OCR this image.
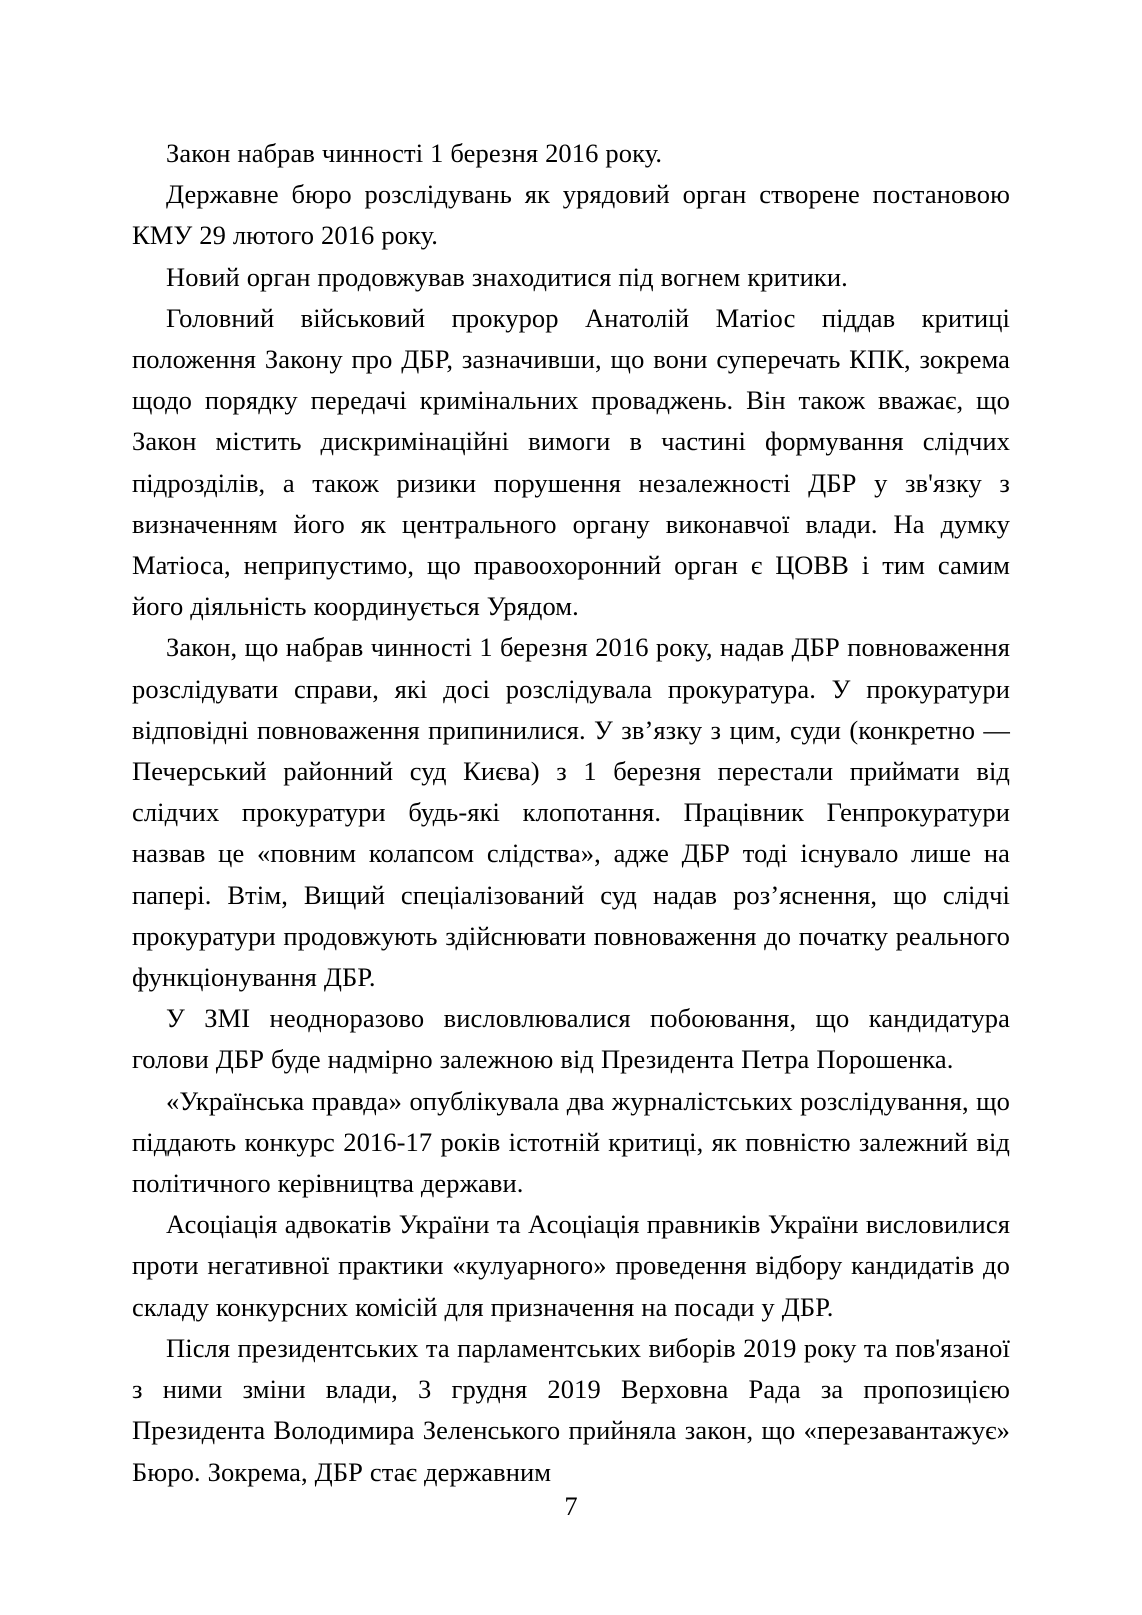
Закон набрав чинності 1 березня 2016 року.

Державне бюро розслідувань як урядовий орган створене постановою КМУ 29 лютого 2016 року.

Новий орган продовжував знаходитися під вогнем критики.

Головний військовий прокурор Анатолій Матіос піддав критиці положення Закону про ДБР, зазначивши, що вони суперечать КПК, зокрема щодо порядку передачі кримінальних проваджень. Він також вважає, що Закон містить дискримінаційні вимоги в частині формування слідчих підрозділів, а також ризики порушення незалежності ДБР у зв'язку з визначенням його як центрального органу виконавчої влади. На думку Матіоса, неприпустимо, що правоохоронний орган є ЦОВВ і тим самим його діяльність координується Урядом.

Закон, що набрав чинності 1 березня 2016 року, надав ДБР повноваження розслідувати справи, які досі розслідувала прокуратура. У прокуратури відповідні повноваження припинилися. У зв’язку з цим, суди (конкретно — Печерський районний суд Києва) з 1 березня перестали приймати від слідчих прокуратури будь-які клопотання. Працівник Генпрокуратури назвав це «повним колапсом слідства», адже ДБР тоді існувало лише на папері. Втім, Вищий спеціалізований суд надав роз’яснення, що слідчі прокуратури продовжують здійснювати повноваження до початку реального функціонування ДБР.

У ЗМІ неодноразово висловлювалися побоювання, що кандидатура голови ДБР буде надмірно залежною від Президента Петра Порошенка.

«Українська правда» опублікувала два журналістських розслідування, що піддають конкурс 2016-17 років істотній критиці, як повністю залежний від політичного керівництва держави.

Асоціація адвокатів України та Асоціація правників України висловилися проти негативної практики «кулуарного» проведення відбору кандидатів до складу конкурсних комісій для призначення на посади у ДБР.

Після президентських та парламентських виборів 2019 року та пов'язаної з ними зміни влади, 3 грудня 2019 Верховна Рада за пропозицією Президента Володимира Зеленського прийняла закон, що «перезавантажує» Бюро. Зокрема, ДБР стає державним

7
